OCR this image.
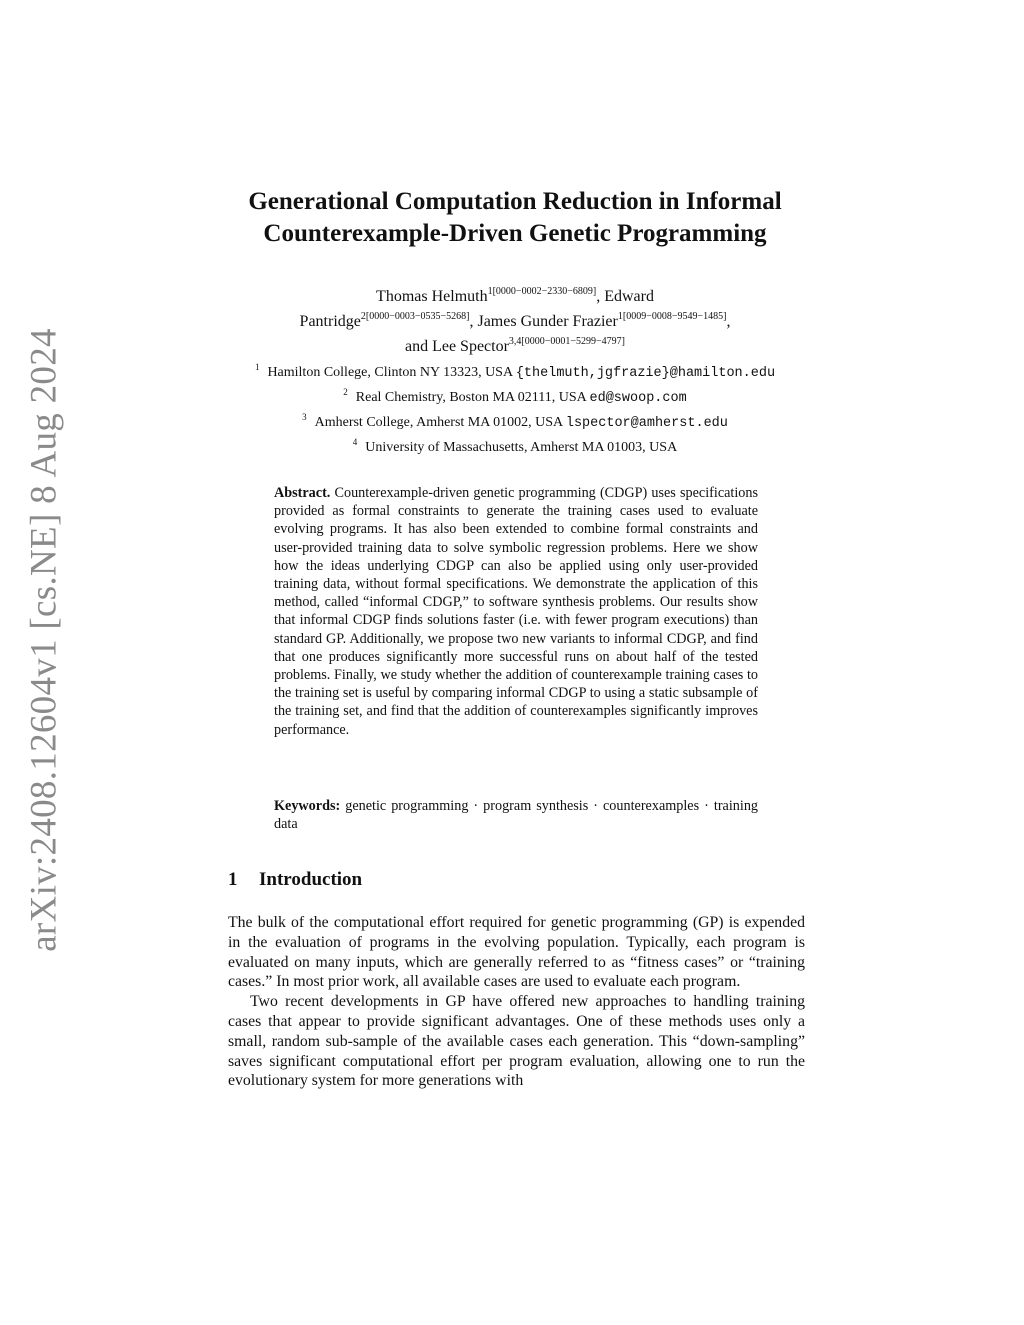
arXiv:2408.12604v1 [cs.NE] 8 Aug 2024
Generational Computation Reduction in Informal
Counterexample-Driven Genetic Programming
Thomas Helmuth$^{1[0000-0002-2330-6809]}$, Edward
Pantridge$^{2[0000-0003-0535-5268]}$, James Gunder Frazier$^{1[0009-0008-9549-1485]}$,
and Lee Spector$^{3,4[0000-0001-5299-4797]}$
$^1$ Hamilton College, Clinton NY 13323, USA {thelmuth,jgfrazie}@hamilton.edu
$^2$ Real Chemistry, Boston MA 02111, USA ed@swoop.com
$^3$ Amherst College, Amherst MA 01002, USA lspector@amherst.edu
$^4$ University of Massachusetts, Amherst MA 01003, USA
Abstract. Counterexample-driven genetic programming (CDGP) uses specifications provided as formal constraints to generate the training cases used to evaluate evolving programs. It has also been extended to combine formal constraints and user-provided training data to solve symbolic regression problems. Here we show how the ideas underlying CDGP can also be applied using only user-provided training data, without formal specifications. We demonstrate the application of this method, called “informal CDGP,” to software synthesis problems. Our results show that informal CDGP finds solutions faster (i.e. with fewer program executions) than standard GP. Additionally, we propose two new variants to informal CDGP, and find that one produces significantly more successful runs on about half of the tested problems. Finally, we study whether the addition of counterexample training cases to the training set is useful by comparing informal CDGP to using a static subsample of the training set, and find that the addition of counterexamples significantly improves performance.
Keywords: genetic programming · program synthesis · counterexamples · training data
1 Introduction

The bulk of the computational effort required for genetic programming (GP) is expended in the evaluation of programs in the evolving population. Typically, each program is evaluated on many inputs, which are generally referred to as “fitness cases” or “training cases.” In most prior work, all available cases are used to evaluate each program.

Two recent developments in GP have offered new approaches to handling training cases that appear to provide significant advantages. One of these methods uses only a small, random sub-sample of the available cases each generation. This “down-sampling” saves significant computational effort per program evaluation, allowing one to run the evolutionary system for more generations with
